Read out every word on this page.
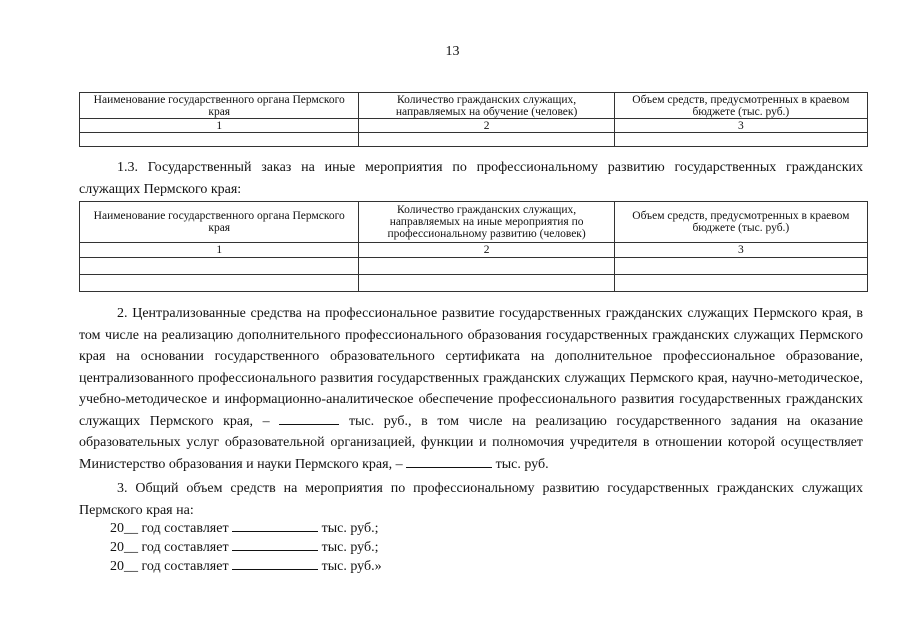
13
Наименование государственного органа Пермского края	Количество гражданских служащих, направляемых на обучение (человек)	Объем средств, предусмотренных в краевом бюджете (тыс. руб.)
1	2	3

1.3. Государственный заказ на иные мероприятия по профессиональному развитию государственных гражданских служащих Пермского края:
Наименование государственного органа Пермского края	Количество гражданских служащих, направляемых на иные мероприятия по профессиональному развитию (человек)	Объем средств, предусмотренных в краевом бюджете (тыс. руб.)
1	2	3

2. Централизованные средства на профессиональное развитие государственных гражданских служащих Пермского края, в том числе на реализацию дополнительного профессионального образования государственных гражданских служащих Пермского края на основании государственного образовательного сертификата на дополнительное профессиональное образование, централизованного профессионального развития государственных гражданских служащих Пермского края, научно-методическое, учебно-методическое и информационно-аналитическое обеспечение профессионального развития государственных гражданских служащих Пермского края, –	тыс. руб., в том числе на реализацию государственного задания на оказание образовательных услуг образовательной организацией, функции и полномочия учредителя в отношении которой осуществляет Министерство образования и науки Пермского края, –	тыс. руб.
3. Общий объем средств на мероприятия по профессиональному развитию государственных гражданских служащих Пермского края на:
20__ год составляет	тыс. руб.;
20__ год составляет	тыс. руб.;
20__ год составляет	тыс. руб.»
